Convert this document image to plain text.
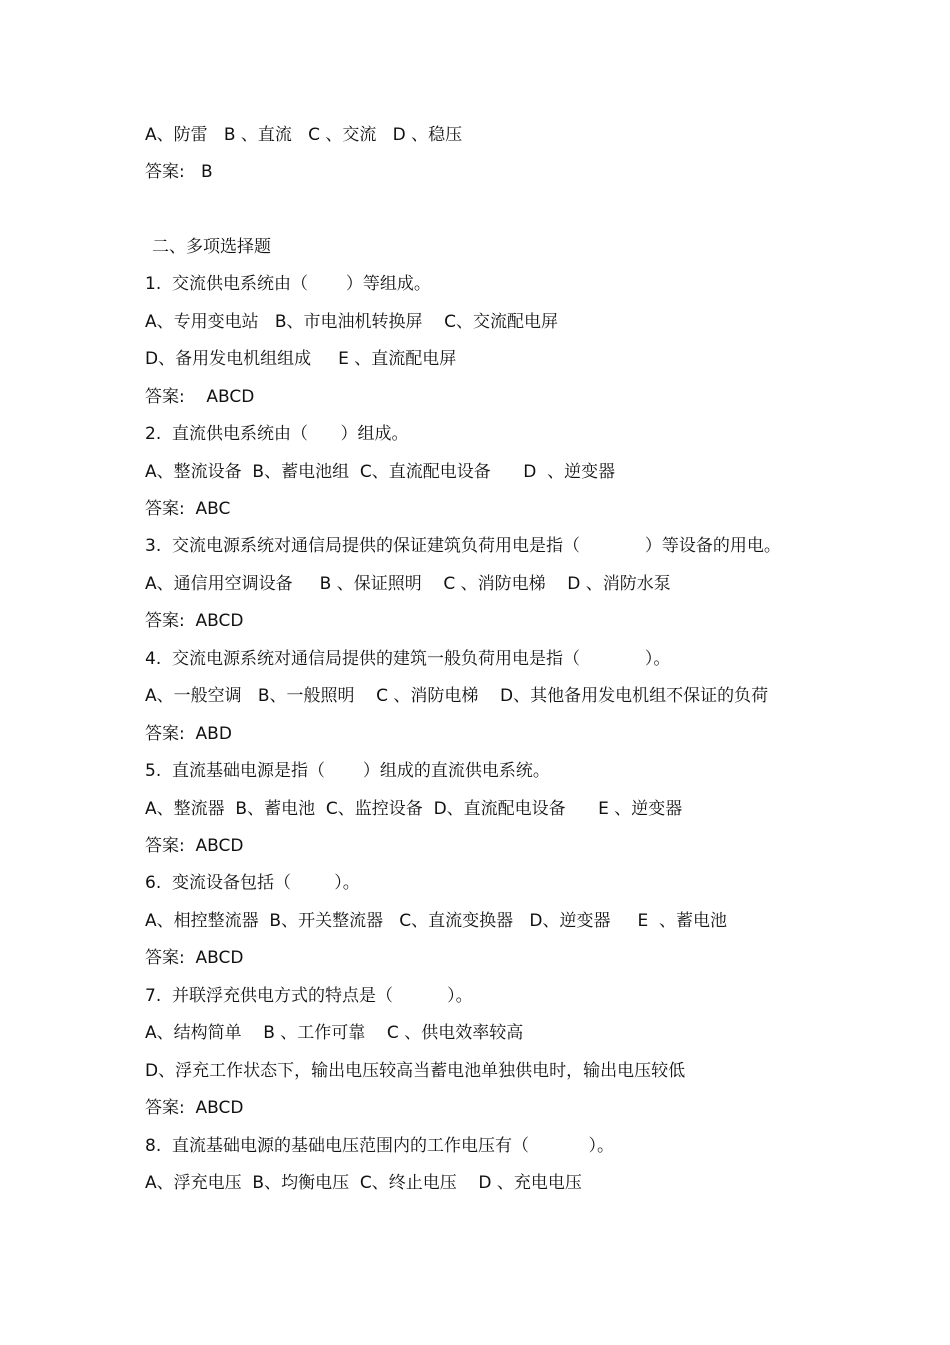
A、防雷   B 、直流   C 、交流   D 、稳压
答案:   B
二、多项选择题
1.  交流供电系统由（       ）等组成。
A、专用变电站   B、市电油机转换屏    C、交流配电屏
D、备用发电机组组成     E 、直流配电屏
答案:    ABCD
2.  直流供电系统由（      ）组成。
A、整流设备  B、蓄电池组  C、直流配电设备      D  、逆变器
答案:  ABC
3.  交流电源系统对通信局提供的保证建筑负荷用电是指（            ）等设备的用电。
A、通信用空调设备     B 、保证照明    C 、消防电梯    D 、消防水泵
答案:  ABCD
4.  交流电源系统对通信局提供的建筑一般负荷用电是指（            ）。
A、一般空调   B、一般照明    C 、消防电梯    D、其他备用发电机组不保证的负荷
答案:  ABD
5.  直流基础电源是指（       ）组成的直流供电系统。
A、整流器  B、蓄电池  C、监控设备  D、直流配电设备      E 、逆变器
答案:  ABCD
6.  变流设备包括（        ）。
A、相控整流器  B、开关整流器   C、直流变换器   D、逆变器     E  、蓄电池
答案:  ABCD
7.  并联浮充供电方式的特点是（          ）。
A、结构简单    B 、工作可靠    C 、供电效率较高
D、浮充工作状态下，输出电压较高当蓄电池单独供电时，输出电压较低
答案:  ABCD
8.  直流基础电源的基础电压范围内的工作电压有（           ）。
A、浮充电压  B、均衡电压  C、终止电压    D 、充电电压
